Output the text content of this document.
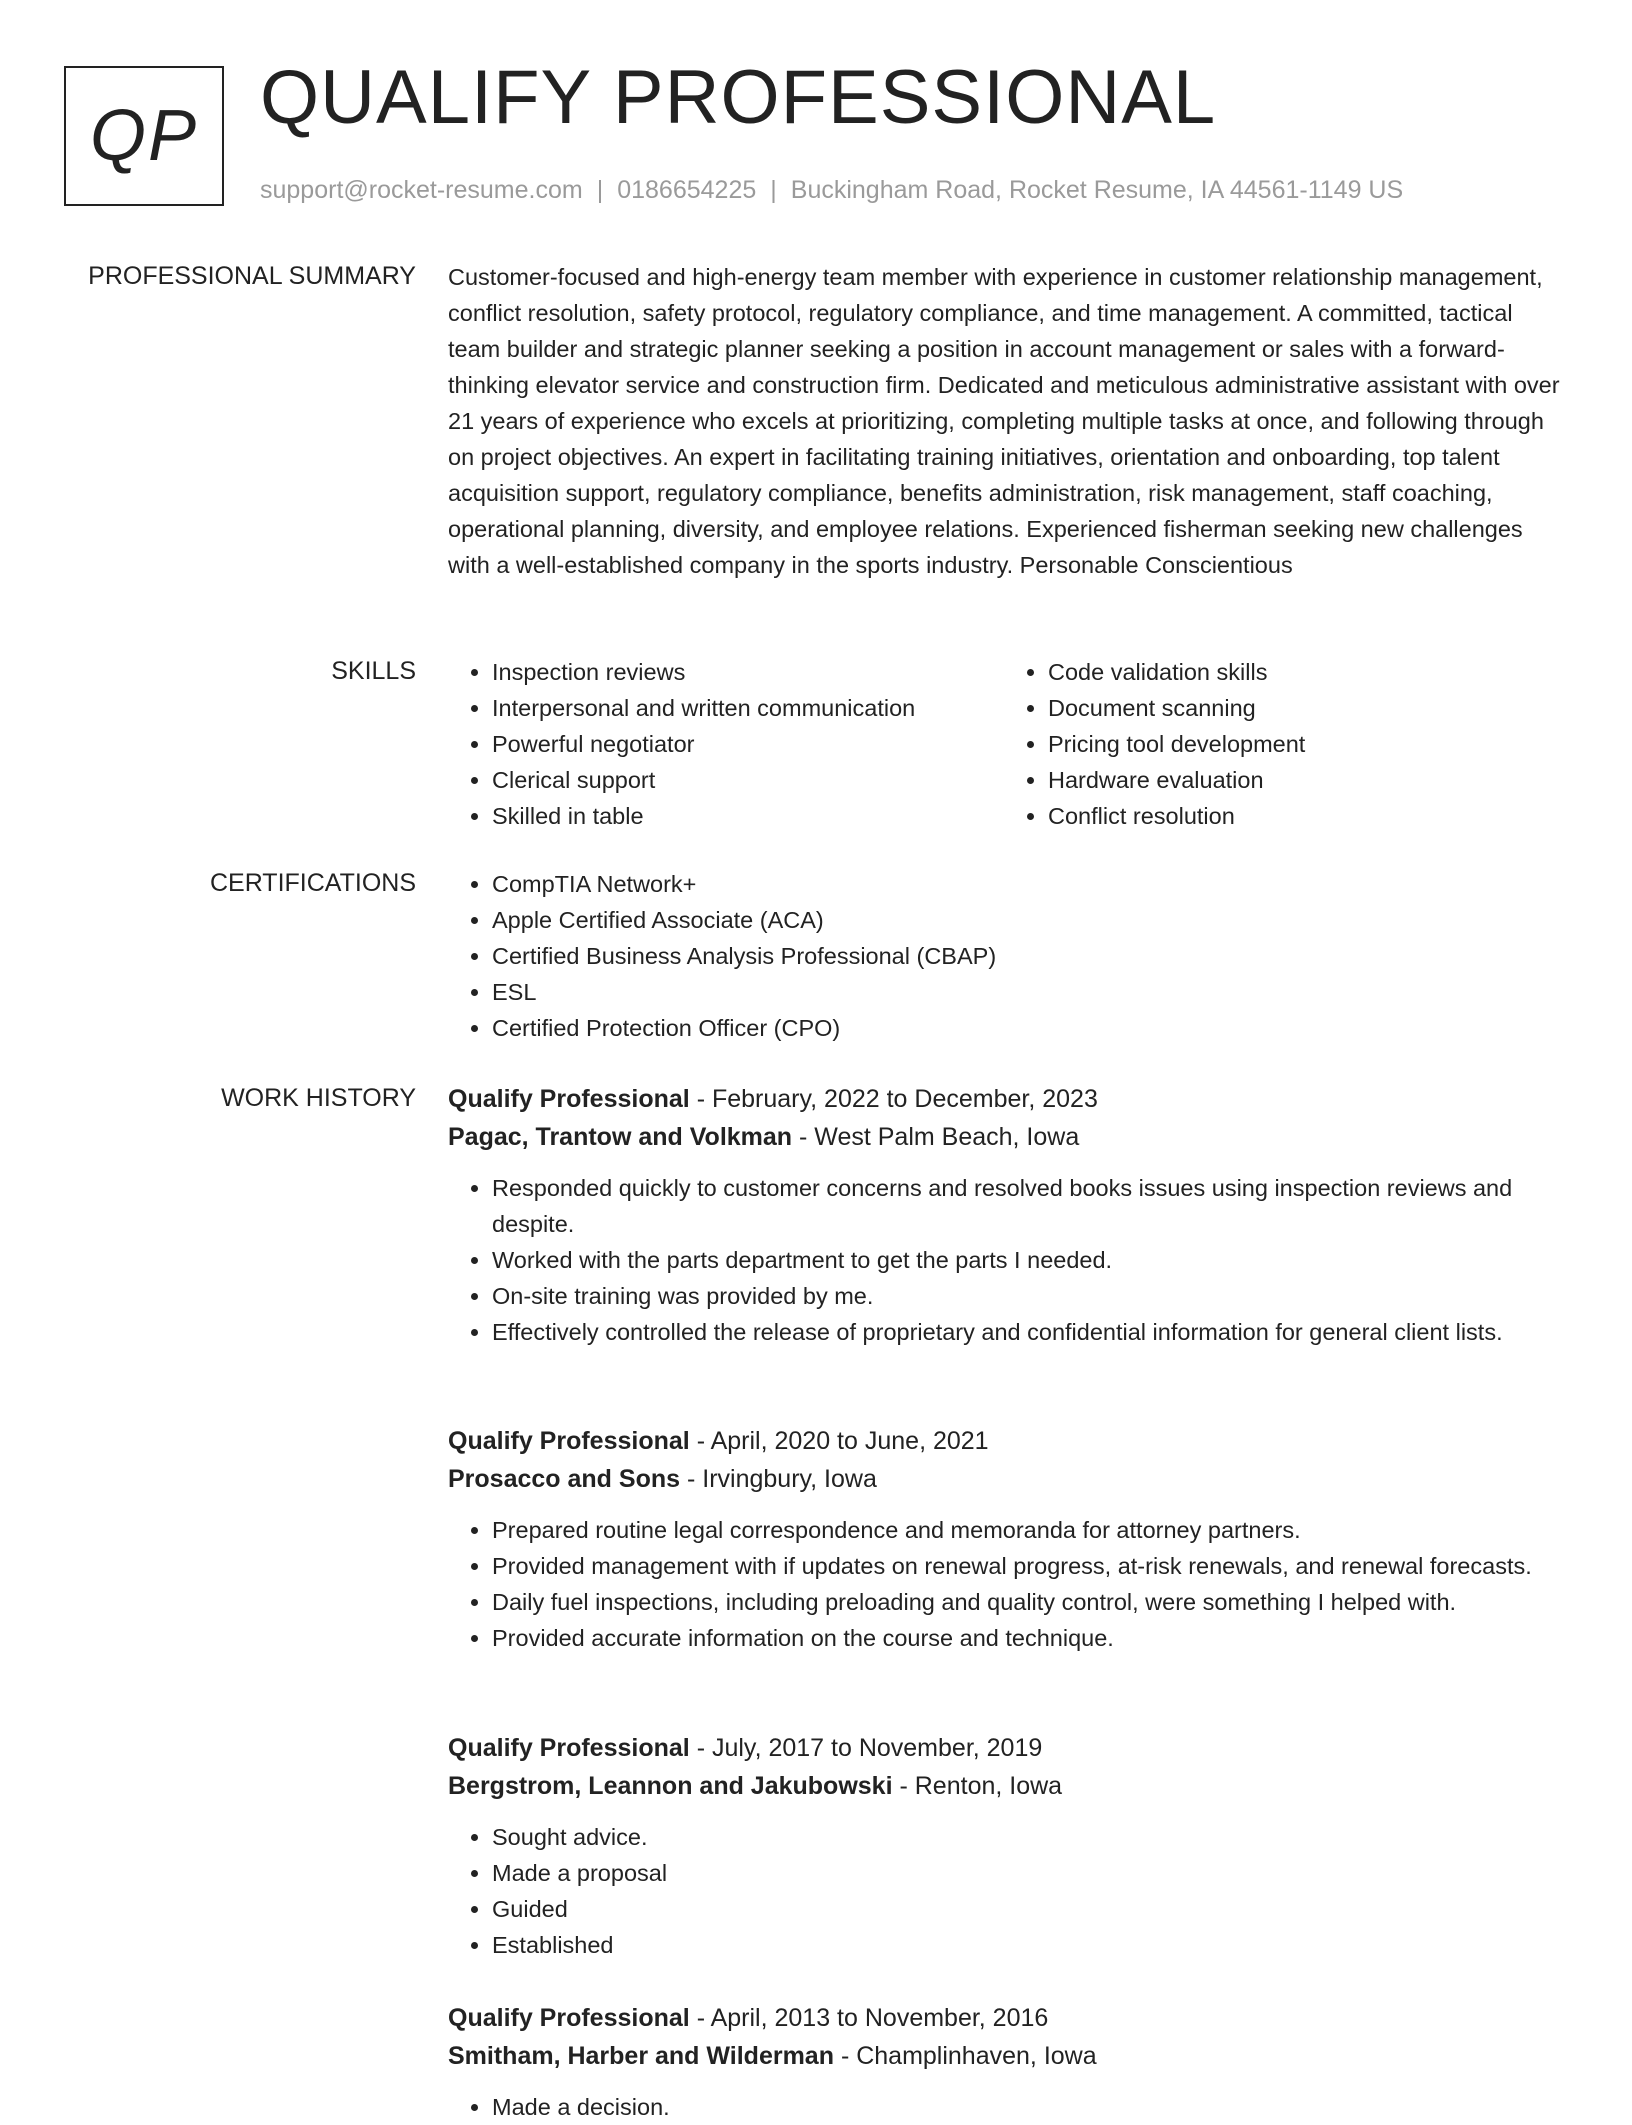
QP QUALIFY PROFESSIONAL
support@rocket-resume.com | 0186654225 | Buckingham Road, Rocket Resume, IA 44561-1149 US
PROFESSIONAL SUMMARY Customer-focused and high-energy team member with experience in customer relationship management, conflict resolution, safety protocol, regulatory compliance, and time management. A committed, tactical team builder and strategic planner seeking a position in account management or sales with a forward-thinking elevator service and construction firm. Dedicated and meticulous administrative assistant with over 21 years of experience who excels at prioritizing, completing multiple tasks at once, and following through on project objectives. An expert in facilitating training initiatives, orientation and onboarding, top talent acquisition support, regulatory compliance, benefits administration, risk management, staff coaching, operational planning, diversity, and employee relations. Experienced fisherman seeking new challenges with a well-established company in the sports industry. Personable Conscientious

SKILLS	• Inspection reviews
• Interpersonal and written communication
• Powerful negotiator
• Clerical support
• Skilled in table
• Code validation skills
• Document scanning
• Pricing tool development
• Hardware evaluation
• Conflict resolution
CERTIFICATIONS	• CompTIA Network+
• Apple Certified Associate (ACA)
• Certified Business Analysis Professional (CBAP)
• ESL
• Certified Protection Officer (CPO)
WORK HISTORY Qualify Professional - February, 2022 to December, 2023
Pagac, Trantow and Volkman - West Palm Beach, Iowa
• Responded quickly to customer concerns and resolved books issues using inspection reviews and despite.
• Worked with the parts department to get the parts I needed.
• On-site training was provided by me.
• Effectively controlled the release of proprietary and confidential information for general client lists.
Qualify Professional - April, 2020 to June, 2021
Prosacco and Sons - Irvingbury, Iowa
• Prepared routine legal correspondence and memoranda for attorney partners.
• Provided management with if updates on renewal progress, at-risk renewals, and renewal forecasts.
• Daily fuel inspections, including preloading and quality control, were something I helped with.
• Provided accurate information on the course and technique.
Qualify Professional - July, 2017 to November, 2019
Bergstrom, Leannon and Jakubowski - Renton, Iowa
• Sought advice.
• Made a proposal
• Guided
• Established
Qualify Professional - April, 2013 to November, 2016
Smitham, Harber and Wilderman - Champlinhaven, Iowa
• Made a decision.
